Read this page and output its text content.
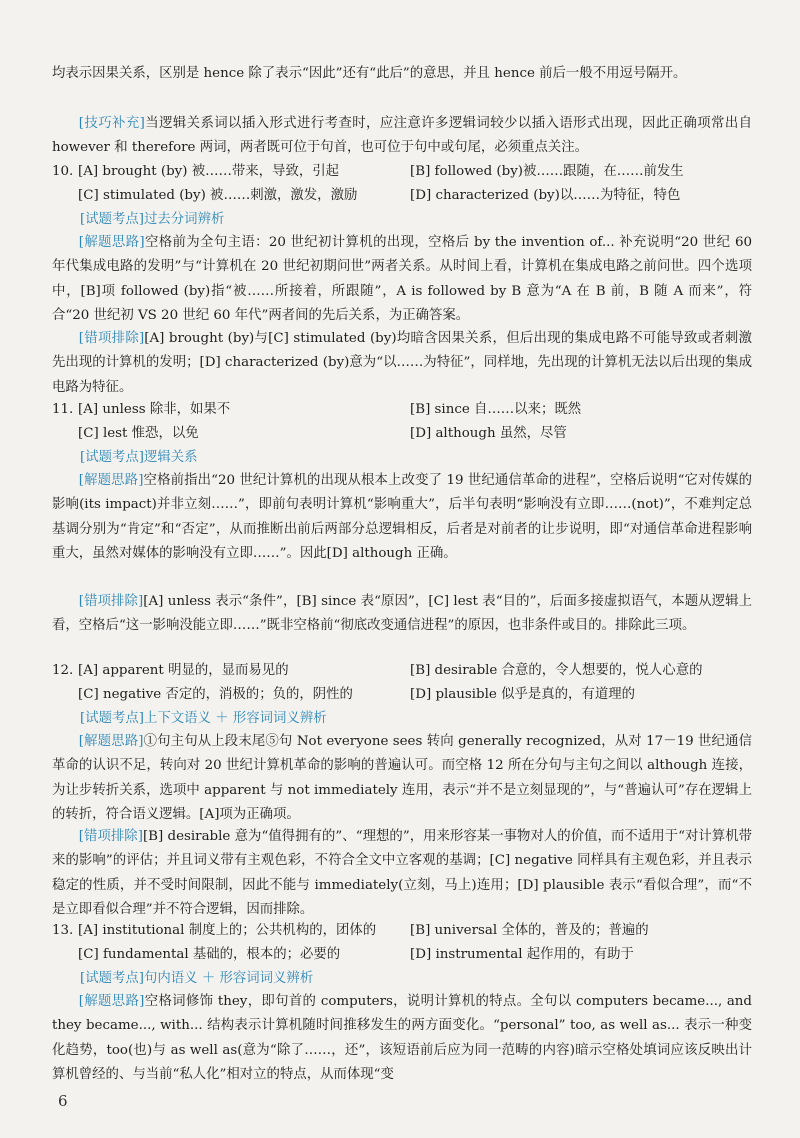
均表示因果关系，区别是 hence 除了表示“因此”还有“此后”的意思，并且 hence 前后一般不用逗号隔开。

[技巧补充]当逻辑关系词以插入形式进行考查时，应注意许多逻辑词较少以插入语形式出现，因此正确项常出自 however 和 therefore 两词，两者既可位于句首，也可位于句中或句尾，必须重点关注。

10. [A] brought (by) 被……带来，导致，引起	[B] followed (by)被……跟随，在……前发生
[C] stimulated (by) 被……刺激，激发，激励	[D] characterized (by)以……为特征，特色
[试题考点]过去分词辨析

[解题思路]空格前为全句主语：20 世纪初计算机的出现，空格后 by the invention of... 补充说明“20 世纪 60 年代集成电路的发明”与“计算机在 20 世纪初期问世”两者关系。从时间上看，计算机在集成电路之前问世。四个选项中，[B]项 followed (by)指“被……所接着，所跟随”，A is followed by B 意为“A 在 B 前，B 随 A 而来”，符合“20 世纪初 VS 20 世纪 60 年代”两者间的先后关系，为正确答案。

[错项排除][A] brought (by)与[C] stimulated (by)均暗含因果关系，但后出现的集成电路不可能导致或者刺激先出现的计算机的发明；[D] characterized (by)意为“以……为特征”，同样地，先出现的计算机无法以后出现的集成电路为特征。

11. [A] unless 除非，如果不	[B] since 自……以来；既然
[C] lest 惟恐，以免	[D] although 虽然，尽管
[试题考点]逻辑关系

[解题思路]空格前指出“20 世纪计算机的出现从根本上改变了 19 世纪通信革命的进程”，空格后说明“它对传媒的影响(its impact)并非立刻……”，即前句表明计算机“影响重大”，后半句表明“影响没有立即……(not)”，不难判定总基调分别为“肯定”和“否定”，从而推断出前后两部分总逻辑相反，后者是对前者的让步说明，即“对通信革命进程影响重大，虽然对媒体的影响没有立即……”。因此[D] although 正确。

[错项排除][A] unless 表示“条件”，[B] since 表“原因”，[C] lest 表“目的”，后面多接虚拟语气，本题从逻辑上看，空格后“这一影响没能立即……”既非空格前“彻底改变通信进程”的原因，也非条件或目的。排除此三项。

12. [A] apparent 明显的，显而易见的	[B] desirable 合意的，令人想要的，悦人心意的
[C] negative 否定的，消极的；负的，阴性的	[D] plausible 似乎是真的，有道理的
[试题考点]上下文语义 ＋ 形容词词义辨析

[解题思路]①句主句从上段末尾⑤句 Not everyone sees 转向 generally recognized，从对 17－19 世纪通信革命的认识不足，转向对 20 世纪计算机革命的影响的普遍认可。而空格 12 所在分句与主句之间以 although 连接，为让步转折关系，选项中 apparent 与 not immediately 连用，表示“并不是立刻显现的”，与“普遍认可”存在逻辑上的转折，符合语义逻辑。[A]项为正确项。

[错项排除][B] desirable 意为“值得拥有的”、“理想的”，用来形容某一事物对人的价值，而不适用于“对计算机带来的影响”的评估；并且词义带有主观色彩，不符合全文中立客观的基调；[C] negative 同样具有主观色彩，并且表示稳定的性质，并不受时间限制，因此不能与 immediately(立刻，马上)连用；[D] plausible 表示“看似合理”，而“不是立即看似合理”并不符合逻辑，因而排除。

13. [A] institutional 制度上的；公共机构的，团体的	[B] universal 全体的，普及的；普遍的
[C] fundamental 基础的，根本的；必要的	[D] instrumental 起作用的，有助于
[试题考点]句内语义 ＋ 形容词词义辨析

[解题思路]空格词修饰 they，即句首的 computers，说明计算机的特点。全句以 computers became..., and they became..., with... 结构表示计算机随时间推移发生的两方面变化。“personal” too, as well as... 表示一种变化趋势，too(也)与 as well as(意为“除了……，还”，该短语前后应为同一范畴的内容)暗示空格处填词应该反映出计算机曾经的、与当前“私人化”相对立的特点，从而体现“变

6
